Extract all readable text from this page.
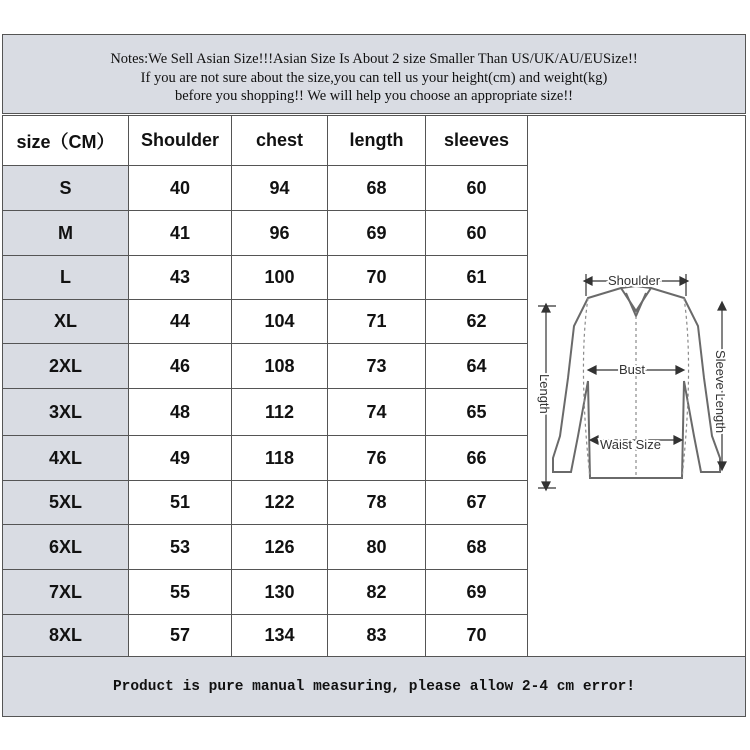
Notes:We Sell Asian Size!!!Asian Size Is About 2 size Smaller Than US/UK/AU/EUSize!!
If you are not sure about the size,you can tell us your height(cm) and weight(kg)
before you shopping!! We will help you choose an appropriate size!!
size（CM）	Shoulder	chest	length	sleeves
S	40	94	68	60
M	41	96	69	60
L	43	100	70	61
XL	44	104	71	62
2XL	46	108	73	64
3XL	48	112	74	65
4XL	49	118	76	66
5XL	51	122	78	67
6XL	53	126	80	68
7XL	55	130	82	69
8XL	57	134	83	70
Shoulder
Bust
Waist Size
Length	Sleeve Length
Product is pure manual measuring, please allow 2-4 cm error!
